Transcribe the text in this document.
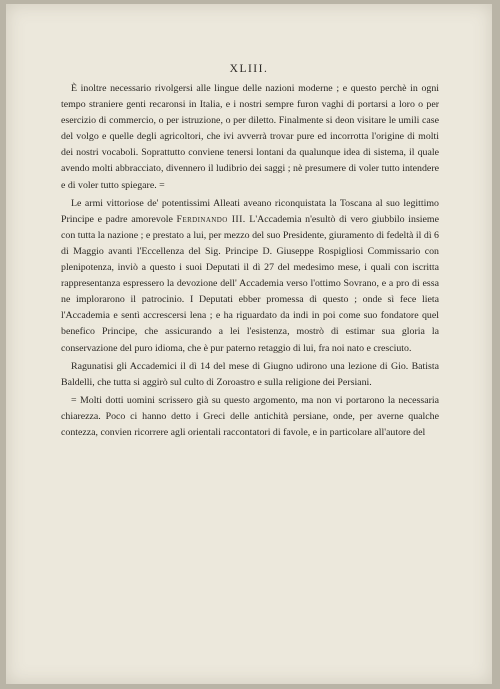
XLIII.

È inoltre necessario rivolgersi alle lingue delle nazioni moderne ; e questo perchè in ogni tempo straniere genti recaronsi in Italia, e i nostri sempre furon vaghi di portarsi a loro o per esercizio di commercio, o per istruzione, o per diletto. Finalmente si deon visitare le umili case del volgo e quelle degli agricoltori, che ivi avverrà trovar pure ed incorrotta l'origine di molti dei nostri vocaboli. Soprattutto conviene tenersi lontani da qualunque idea di sistema, il quale avendo molti abbracciato, divennero il ludibrio dei saggi ; nè presumere di voler tutto intendere e di voler tutto spiegare. =

Le armi vittoriose de' potentissimi Alleati aveano riconquistata la Toscana al suo legittimo Principe e padre amorevole Ferdinando III. L'Accademia n'esultò di vero giubbilo insieme con tutta la nazione ; e prestato a lui, per mezzo del suo Presidente, giuramento di fedeltà il dì 6 di Maggio avanti l'Eccellenza del Sig. Principe D. Giuseppe Rospigliosi Commissario con plenipotenza, inviò a questo i suoi Deputati il dì 27 del medesimo mese, i quali con iscritta rappresentanza espressero la devozione dell' Accademia verso l'ottimo Sovrano, e a pro di essa ne implorarono il patrocinio. I Deputati ebber promessa di questo ; onde sì fece lieta l'Accademia e sentì accrescersi lena ; e ha riguardato da indi in poi come suo fondatore quel benefico Principe, che assicurando a lei l'esistenza, mostrò di estimar sua gloria la conservazione del puro idioma, che è pur paterno retaggio di lui, fra noi nato e cresciuto.

Ragunatisi gli Accademici il dì 14 del mese di Giugno udirono una lezione di Gio. Batista Baldelli, che tutta si aggirò sul culto di Zoroastro e sulla religione dei Persiani.

= Molti dotti uomini scrissero già su questo argomento, ma non vi portarono la necessaria chiarezza. Poco ci hanno detto i Greci delle antichità persiane, onde, per averne qualche contezza, convien ricorrere agli orientali raccontatori di favole, e in particolare all'autore del
